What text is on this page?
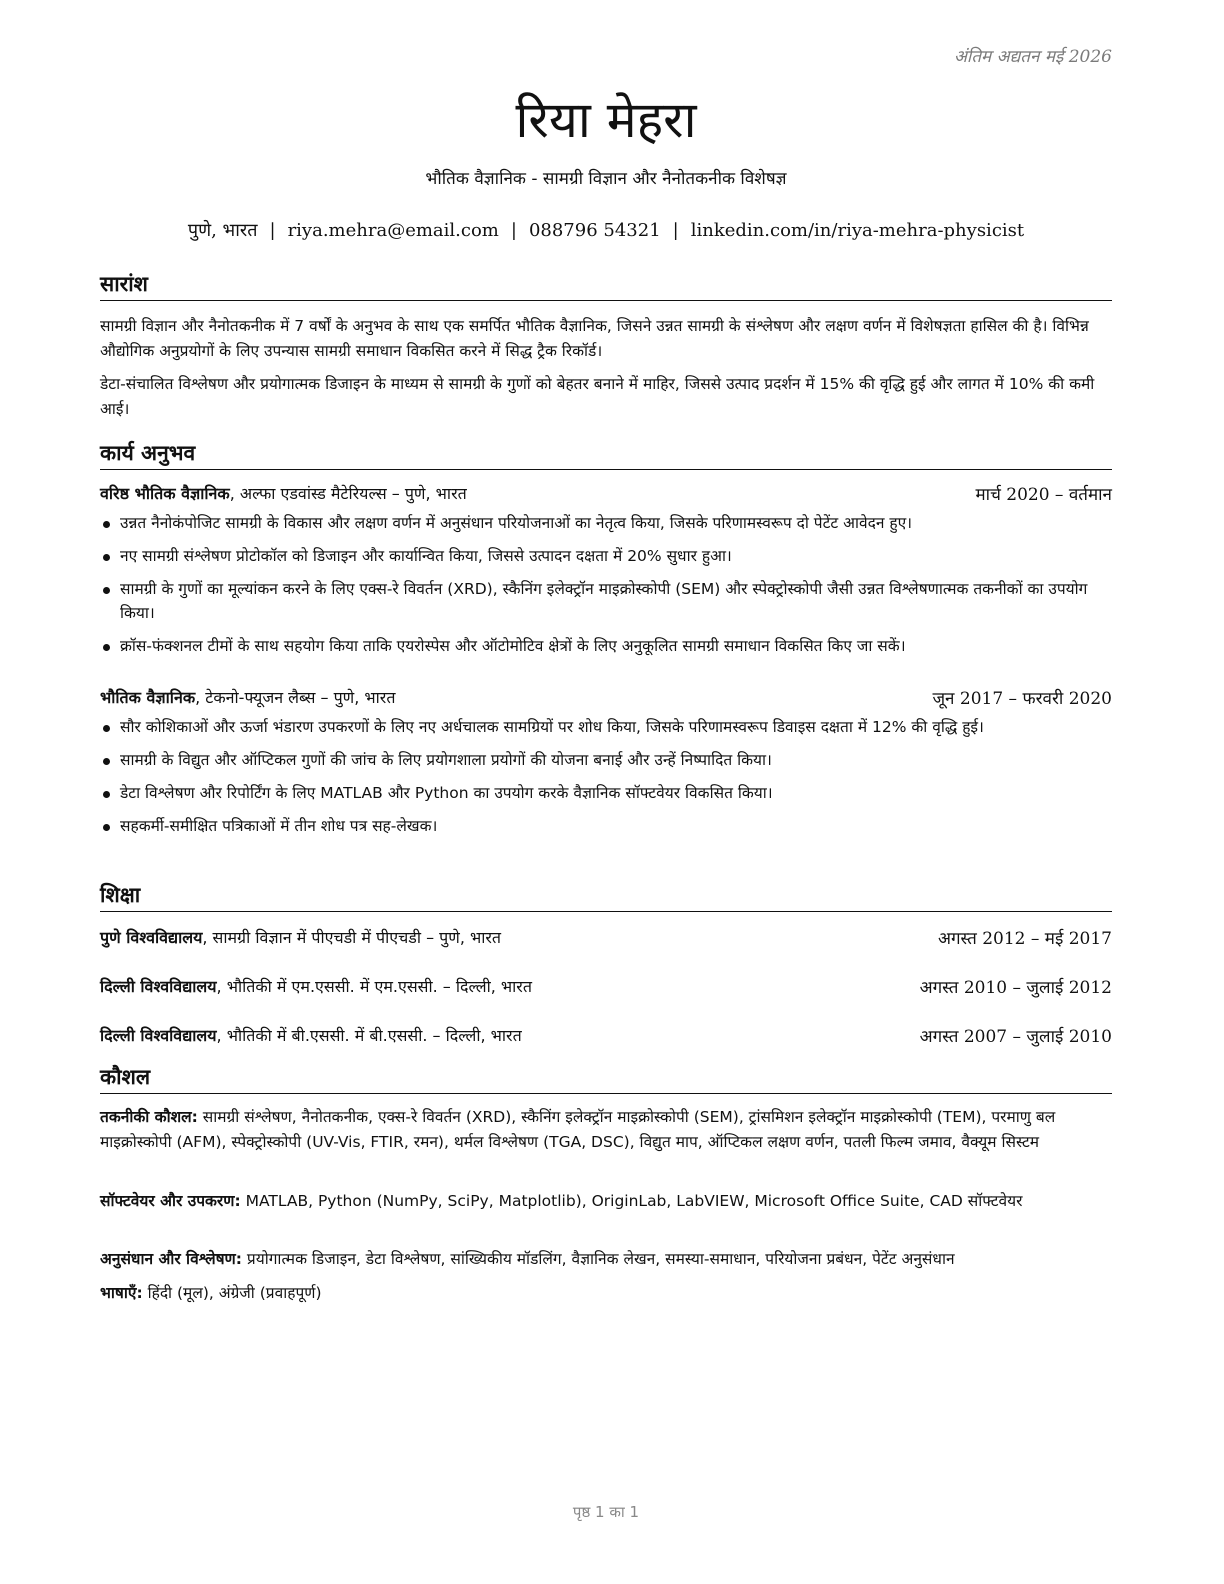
अंतिम अद्यतन मई 2026
रिया मेहरा
भौतिक वैज्ञानिक - सामग्री विज्ञान और नैनोतकनीक विशेषज्ञ
पुणे, भारत | riya.mehra@email.com | 088796 54321 | linkedin.com/in/riya-mehra-physicist
सारांश
सामग्री विज्ञान और नैनोतकनीक में 7 वर्षों के अनुभव के साथ एक समर्पित भौतिक वैज्ञानिक, जिसने उन्नत सामग्री के संश्लेषण और लक्षण वर्णन में विशेषज्ञता हासिल की है। विभिन्न औद्योगिक अनुप्रयोगों के लिए उपन्यास सामग्री समाधान विकसित करने में सिद्ध ट्रैक रिकॉर्ड।
डेटा-संचालित विश्लेषण और प्रयोगात्मक डिजाइन के माध्यम से सामग्री के गुणों को बेहतर बनाने में माहिर, जिससे उत्पाद प्रदर्शन में 15% की वृद्धि हुई और लागत में 10% की कमी आई।
कार्य अनुभव
वरिष्ठ भौतिक वैज्ञानिक, अल्फा एडवांस्ड मैटेरियल्स – पुणे, भारत	मार्च 2020 – वर्तमान
उन्नत नैनोकंपोजिट सामग्री के विकास और लक्षण वर्णन में अनुसंधान परियोजनाओं का नेतृत्व किया, जिसके परिणामस्वरूप दो पेटेंट आवेदन हुए।
नए सामग्री संश्लेषण प्रोटोकॉल को डिजाइन और कार्यान्वित किया, जिससे उत्पादन दक्षता में 20% सुधार हुआ।
सामग्री के गुणों का मूल्यांकन करने के लिए एक्स-रे विवर्तन (XRD), स्कैनिंग इलेक्ट्रॉन माइक्रोस्कोपी (SEM) और स्पेक्ट्रोस्कोपी जैसी उन्नत विश्लेषणात्मक तकनीकों का उपयोग किया।
क्रॉस-फंक्शनल टीमों के साथ सहयोग किया ताकि एयरोस्पेस और ऑटोमोटिव क्षेत्रों के लिए अनुकूलित सामग्री समाधान विकसित किए जा सकें।
भौतिक वैज्ञानिक, टेकनो-फ्यूजन लैब्स – पुणे, भारत	जून 2017 – फरवरी 2020
सौर कोशिकाओं और ऊर्जा भंडारण उपकरणों के लिए नए अर्धचालक सामग्रियों पर शोध किया, जिसके परिणामस्वरूप डिवाइस दक्षता में 12% की वृद्धि हुई।
सामग्री के विद्युत और ऑप्टिकल गुणों की जांच के लिए प्रयोगशाला प्रयोगों की योजना बनाई और उन्हें निष्पादित किया।
डेटा विश्लेषण और रिपोर्टिंग के लिए MATLAB और Python का उपयोग करके वैज्ञानिक सॉफ्टवेयर विकसित किया।
सहकर्मी-समीक्षित पत्रिकाओं में तीन शोध पत्र सह-लेखक।
शिक्षा
पुणे विश्वविद्यालय, सामग्री विज्ञान में पीएचडी में पीएचडी – पुणे, भारत	अगस्त 2012 – मई 2017
दिल्ली विश्वविद्यालय, भौतिकी में एम.एससी. में एम.एससी. – दिल्ली, भारत	अगस्त 2010 – जुलाई 2012
दिल्ली विश्वविद्यालय, भौतिकी में बी.एससी. में बी.एससी. – दिल्ली, भारत	अगस्त 2007 – जुलाई 2010
कौशल
तकनीकी कौशल: सामग्री संश्लेषण, नैनोतकनीक, एक्स-रे विवर्तन (XRD), स्कैनिंग इलेक्ट्रॉन माइक्रोस्कोपी (SEM), ट्रांसमिशन इलेक्ट्रॉन माइक्रोस्कोपी (TEM), परमाणु बल माइक्रोस्कोपी (AFM), स्पेक्ट्रोस्कोपी (UV-Vis, FTIR, रमन), थर्मल विश्लेषण (TGA, DSC), विद्युत माप, ऑप्टिकल लक्षण वर्णन, पतली फिल्म जमाव, वैक्यूम सिस्टम
सॉफ्टवेयर और उपकरण: MATLAB, Python (NumPy, SciPy, Matplotlib), OriginLab, LabVIEW, Microsoft Office Suite, CAD सॉफ्टवेयर
अनुसंधान और विश्लेषण: प्रयोगात्मक डिजाइन, डेटा विश्लेषण, सांख्यिकीय मॉडलिंग, वैज्ञानिक लेखन, समस्या-समाधान, परियोजना प्रबंधन, पेटेंट अनुसंधान
भाषाएँ: हिंदी (मूल), अंग्रेजी (प्रवाहपूर्ण)
पृष्ठ 1 का 1
